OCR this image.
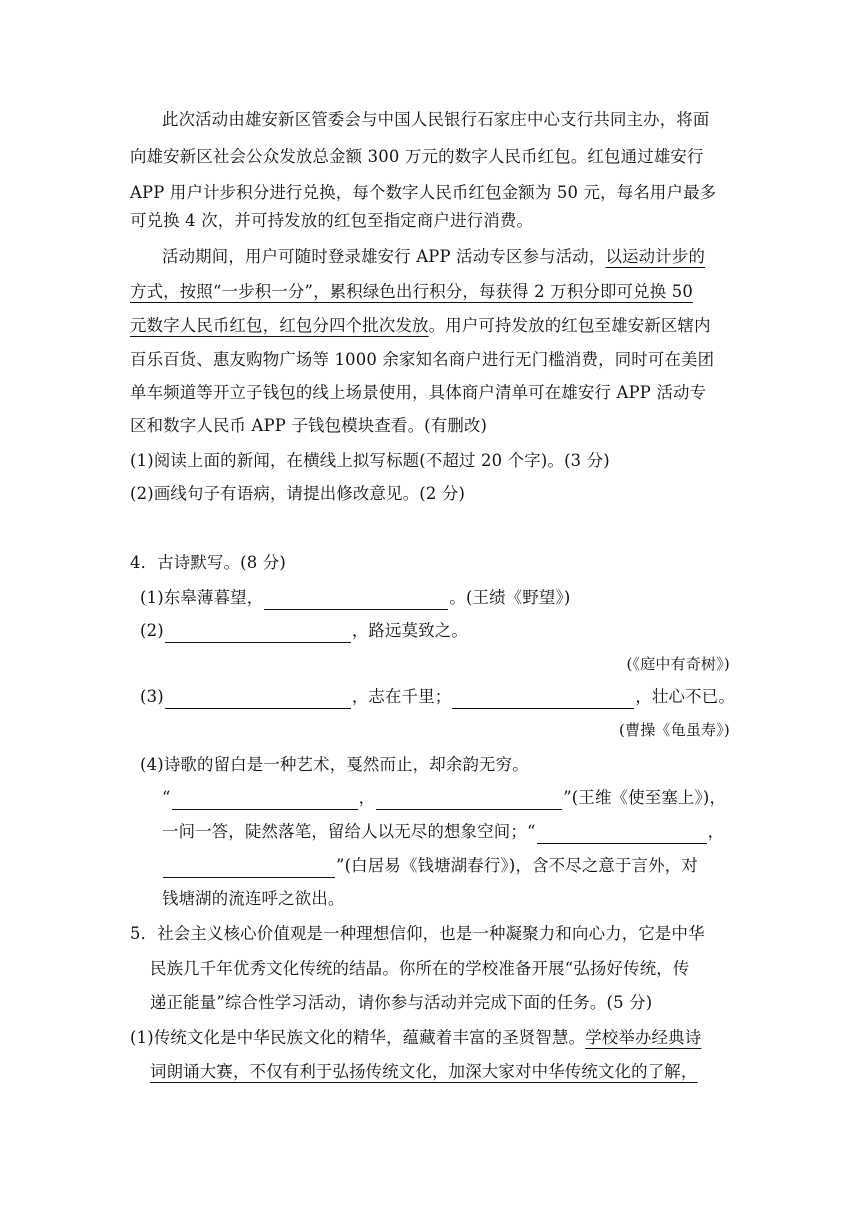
此次活动由雄安新区管委会与中国人民银行石家庄中心支行共同主办，将面
向雄安新区社会公众发放总金额 300 万元的数字人民币红包。红包通过雄安行
APP 用户计步积分进行兑换，每个数字人民币红包金额为 50 元，每名用户最多
可兑换 4 次，并可持发放的红包至指定商户进行消费。
活动期间，用户可随时登录雄安行 APP 活动专区参与活动，以运动计步的
方式，按照“一步积一分”，累积绿色出行积分，每获得 2 万积分即可兑换 50
元数字人民币红包，红包分四个批次发放。用户可持发放的红包至雄安新区辖内
百乐百货、惠友购物广场等 1000 余家知名商户进行无门槛消费，同时可在美团
单车频道等开立子钱包的线上场景使用，具体商户清单可在雄安行 APP 活动专
区和数字人民币 APP 子钱包模块查看。(有删改)
(1)阅读上面的新闻，在横线上拟写标题(不超过 20 个字)。(3 分)
(2)画线句子有语病，请提出修改意见。(2 分)
4．古诗默写。(8 分)
(1)东皋薄暮望，	。(王绩《野望》)
(2)	，路远莫致之。
(《庭中有奇树》)
(3)	，志在千里；	，壮心不已。
(曹操《龟虽寿》)
(4)诗歌的留白是一种艺术，戛然而止，却余韵无穷。
“	，	”(王维《使至塞上》)，
一问一答，陡然落笔，留给人以无尽的想象空间；“	，
”(白居易《钱塘湖春行》)，含不尽之意于言外，对
钱塘湖的流连呼之欲出。
5．社会主义核心价值观是一种理想信仰，也是一种凝聚力和向心力，它是中华
民族几千年优秀文化传统的结晶。你所在的学校准备开展“弘扬好传统，传
递正能量”综合性学习活动，请你参与活动并完成下面的任务。(5 分)
(1)传统文化是中华民族文化的精华，蕴藏着丰富的圣贤智慧。学校举办经典诗
词朗诵大赛，不仅有利于弘扬传统文化，加深大家对中华传统文化的了解，
